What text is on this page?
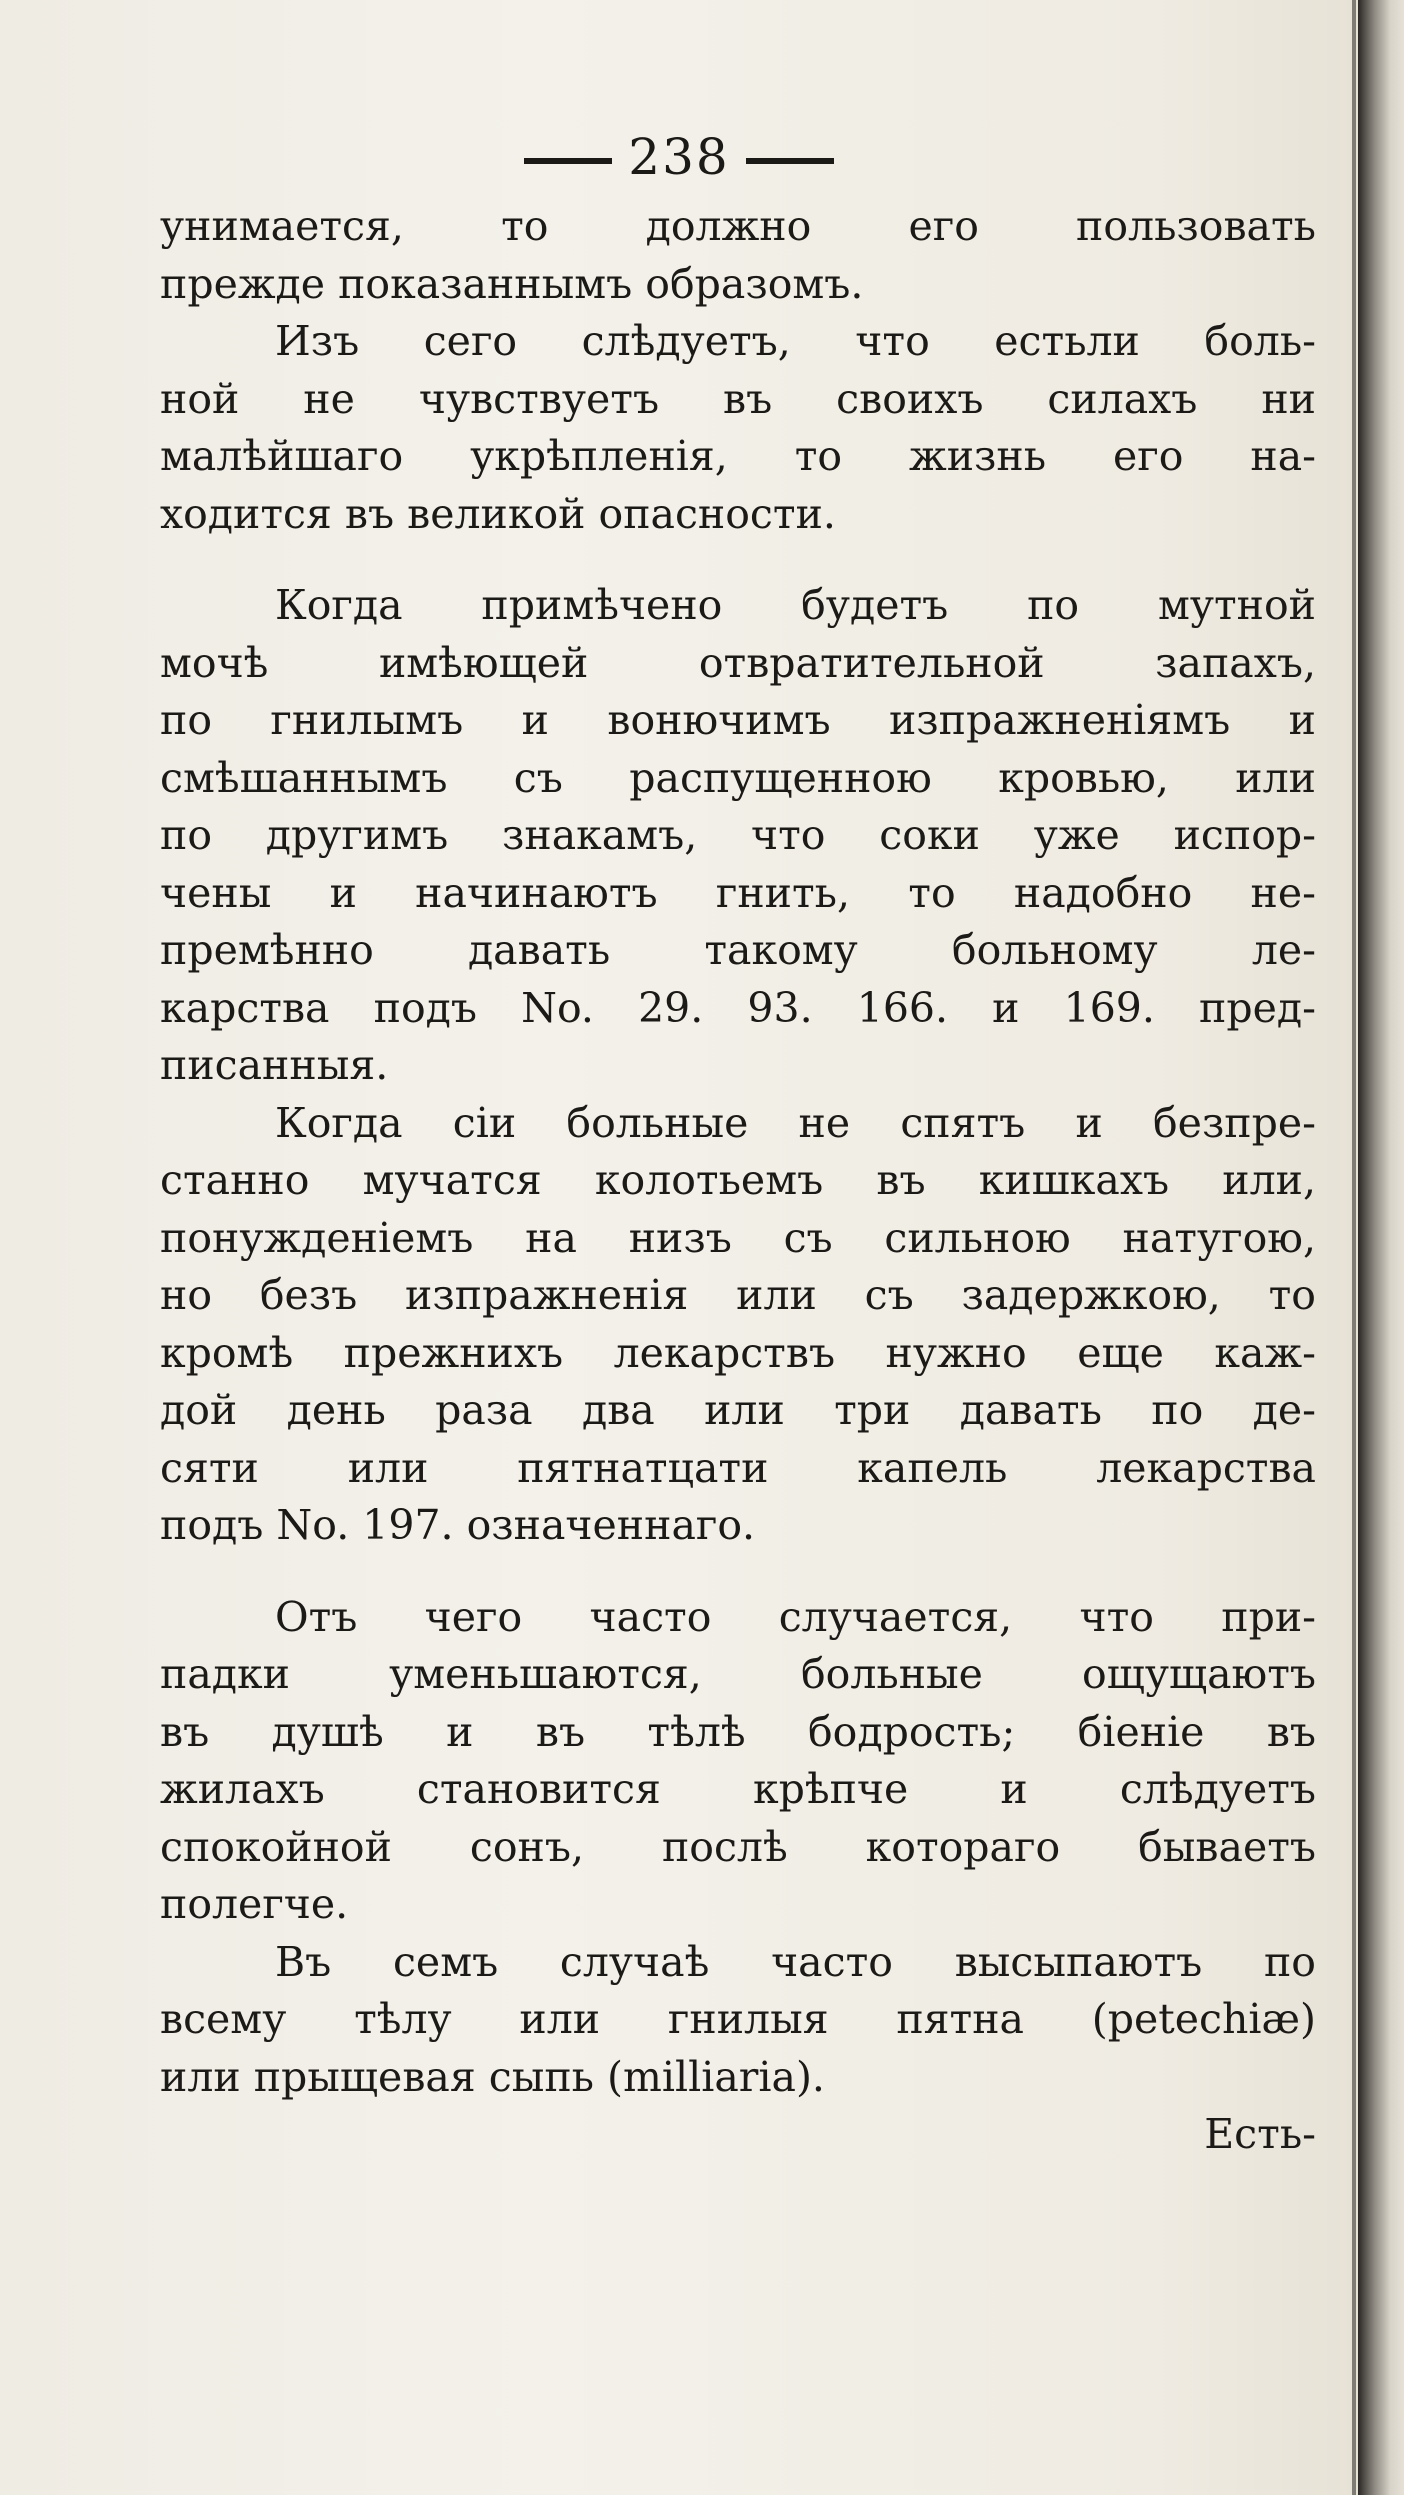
238
унимается, то должно его пользовать
прежде показаннымъ образомъ.
Изъ сего слѣдуетъ, что естьли боль-
ной не чувствуетъ въ своихъ силахъ ни
малѣйшаго укрѣпленія, то жизнь его на-
ходится въ великой опасности.
Когда примѣчено будетъ по мутной
мочѣ имѣющей отвратительной запахъ,
по гнилымъ и вонючимъ изпражненіямъ и
смѣшаннымъ съ распущенною кровью, или
по другимъ знакамъ, что соки уже испор-
чены и начинаютъ гнить, то надобно не-
премѣнно давать такому больному ле-
карства подъ No. 29. 93. 166. и 169. пред-
писанныя.
Когда сіи больные не спятъ и безпре-
станно мучатся колотьемъ въ кишкахъ или,
понужденіемъ на низъ съ сильною натугою,
но безъ изпражненія или съ задержкою, то
кромѣ прежнихъ лекарствъ нужно еще каж-
дой день раза два или три давать по де-
сяти или пятнатцати капель лекарства
подъ No. 197. означеннаго.
Отъ чего часто случается, что при-
падки уменьшаются, больные ощущаютъ
въ душѣ и въ тѣлѣ бодрость; біеніе въ
жилахъ становится крѣпче и слѣдуетъ
спокойной сонъ, послѣ котораго бываетъ
полегче.
Въ семъ случаѣ часто высыпаютъ по
всему тѣлу или гнилыя пятна (petechiæ)
или прыщевая сыпь (milliaria).
Есть-
